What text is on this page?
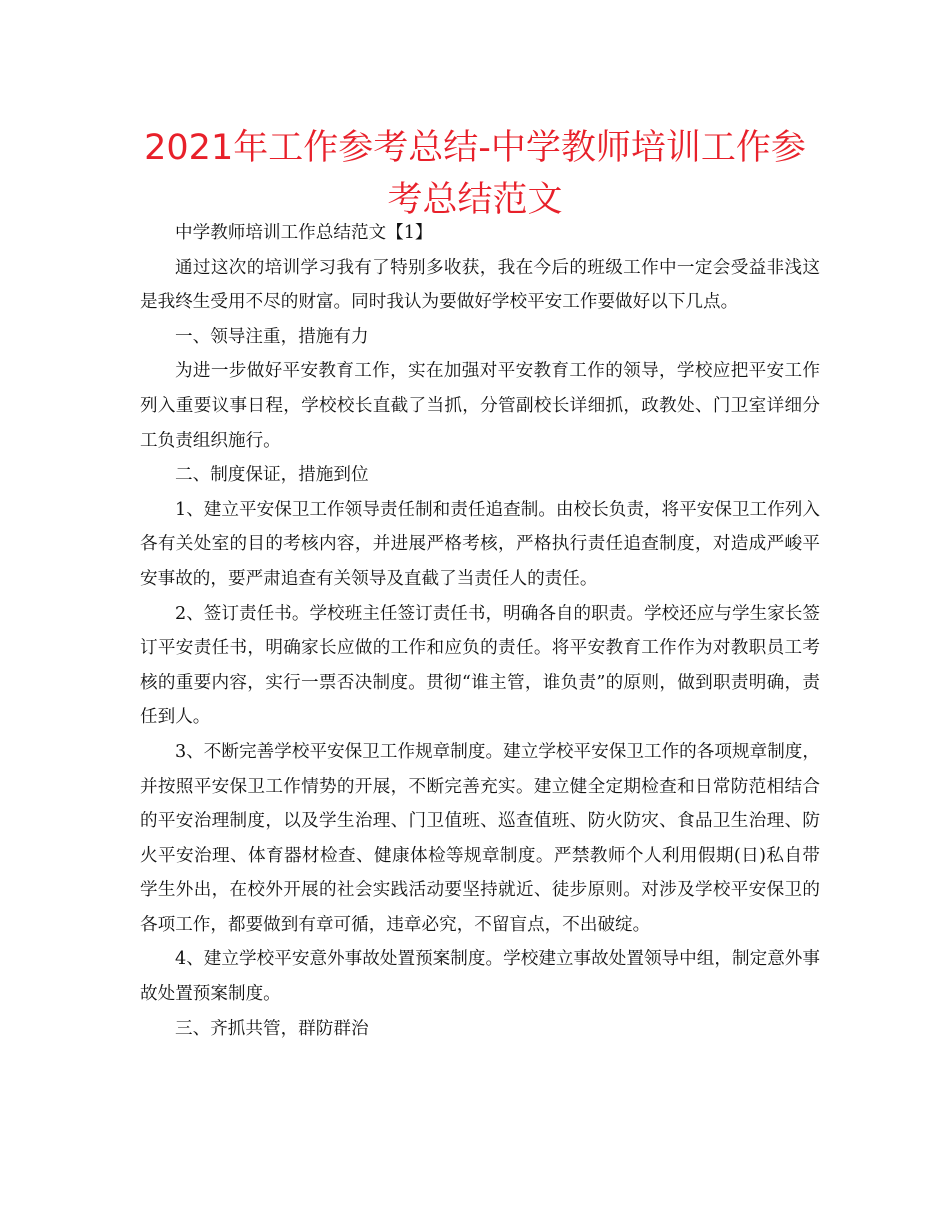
2021年工作参考总结-中学教师培训工作参考总结范文

中学教师培训工作总结范文【1】

通过这次的培训学习我有了特别多收获，我在今后的班级工作中一定会受益非浅这是我终生受用不尽的财富。同时我认为要做好学校平安工作要做好以下几点。

一、领导注重，措施有力

为进一步做好平安教育工作，实在加强对平安教育工作的领导，学校应把平安工作列入重要议事日程，学校校长直截了当抓，分管副校长详细抓，政教处、门卫室详细分工负责组织施行。

二、制度保证，措施到位

1、建立平安保卫工作领导责任制和责任追查制。由校长负责，将平安保卫工作列入各有关处室的目的考核内容，并进展严格考核，严格执行责任追查制度，对造成严峻平安事故的，要严肃追查有关领导及直截了当责任人的责任。

2、签订责任书。学校班主任签订责任书，明确各自的职责。学校还应与学生家长签订平安责任书，明确家长应做的工作和应负的责任。将平安教育工作作为对教职员工考核的重要内容，实行一票否决制度。贯彻“谁主管，谁负责”的原则，做到职责明确，责任到人。

3、不断完善学校平安保卫工作规章制度。建立学校平安保卫工作的各项规章制度，并按照平安保卫工作情势的开展，不断完善充实。建立健全定期检查和日常防范相结合的平安治理制度，以及学生治理、门卫值班、巡查值班、防火防灾、食品卫生治理、防火平安治理、体育器材检查、健康体检等规章制度。严禁教师个人利用假期(日)私自带学生外出，在校外开展的社会实践活动要坚持就近、徒步原则。对涉及学校平安保卫的各项工作，都要做到有章可循，违章必究，不留盲点，不出破绽。

4、建立学校平安意外事故处置预案制度。学校建立事故处置领导中组，制定意外事故处置预案制度。

三、齐抓共管，群防群治
